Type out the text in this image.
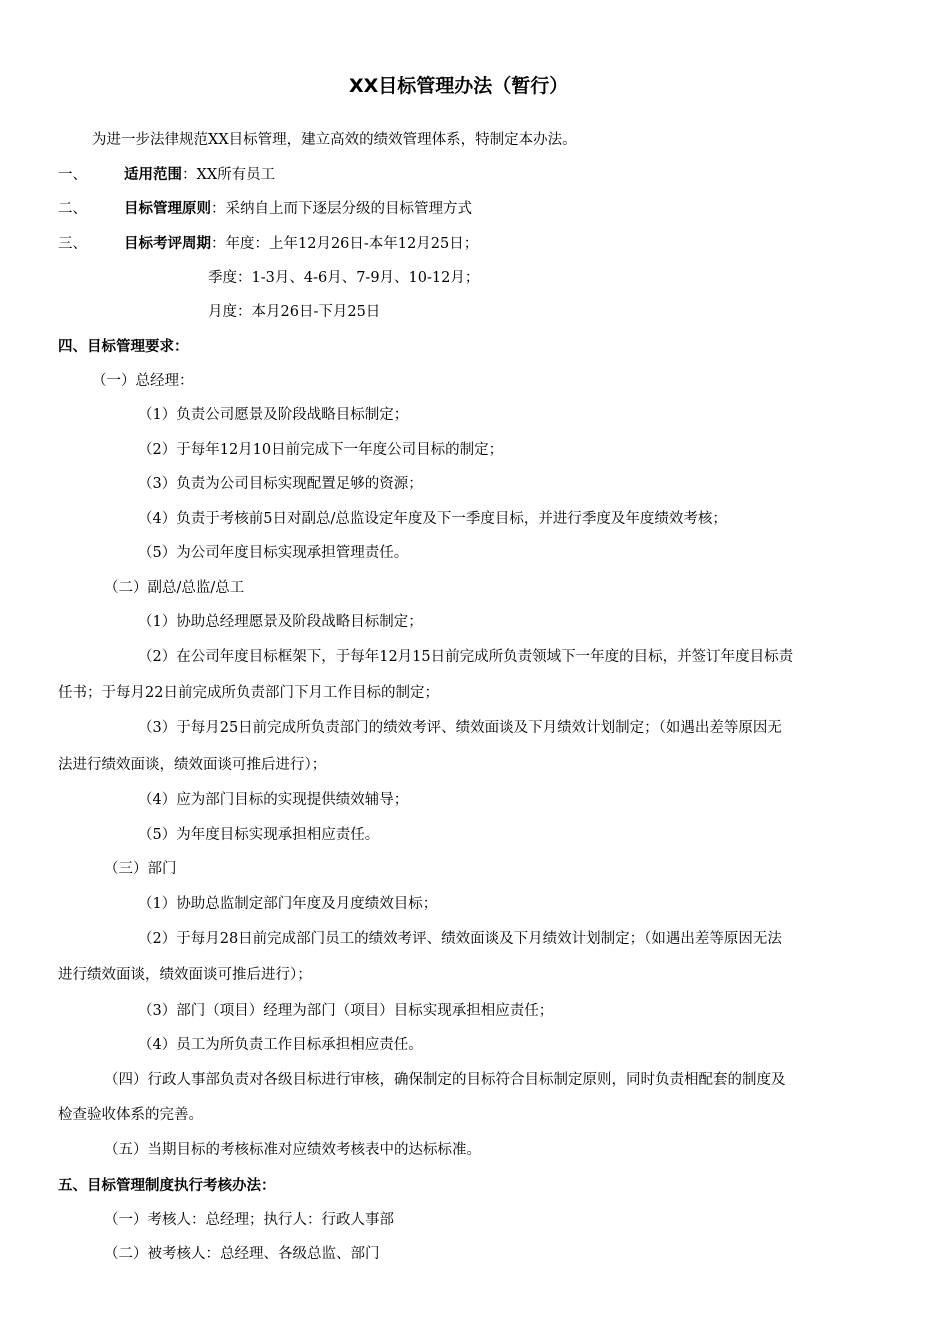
XX目标管理办法（暂行）
为进一步法律规范XX目标管理，建立高效的绩效管理体系，特制定本办法。
一、	适用范围：XX所有员工
二、	目标管理原则：采纳自上而下逐层分级的目标管理方式
三、	目标考评周期：年度：上年12月26日-本年12月25日；
季度：1-3月、4-6月、7-9月、10-12月；
月度：本月26日-下月25日
四、目标管理要求：
（一）总经理：
（1）负责公司愿景及阶段战略目标制定；
（2）于每年12月10日前完成下一年度公司目标的制定；
（3）负责为公司目标实现配置足够的资源；
（4）负责于考核前5日对副总/总监设定年度及下一季度目标，并进行季度及年度绩效考核；
（5）为公司年度目标实现承担管理责任。
（二）副总/总监/总工
（1）协助总经理愿景及阶段战略目标制定；
（2）在公司年度目标框架下，于每年12月15日前完成所负责领域下一年度的目标，并签订年度目标责
任书；于每月22日前完成所负责部门下月工作目标的制定；
（3）于每月25日前完成所负责部门的绩效考评、绩效面谈及下月绩效计划制定；（如遇出差等原因无
法进行绩效面谈，绩效面谈可推后进行）；
（4）应为部门目标的实现提供绩效辅导；
（5）为年度目标实现承担相应责任。
（三）部门
（1）协助总监制定部门年度及月度绩效目标；
（2）于每月28日前完成部门员工的绩效考评、绩效面谈及下月绩效计划制定；（如遇出差等原因无法
进行绩效面谈，绩效面谈可推后进行）；
（3）部门（项目）经理为部门（项目）目标实现承担相应责任；
（4）员工为所负责工作目标承担相应责任。
（四）行政人事部负责对各级目标进行审核，确保制定的目标符合目标制定原则，同时负责相配套的制度及
检查验收体系的完善。
（五）当期目标的考核标准对应绩效考核表中的达标标准。
五、目标管理制度执行考核办法：
（一）考核人：总经理；执行人：行政人事部
（二）被考核人：总经理、各级总监、部门
